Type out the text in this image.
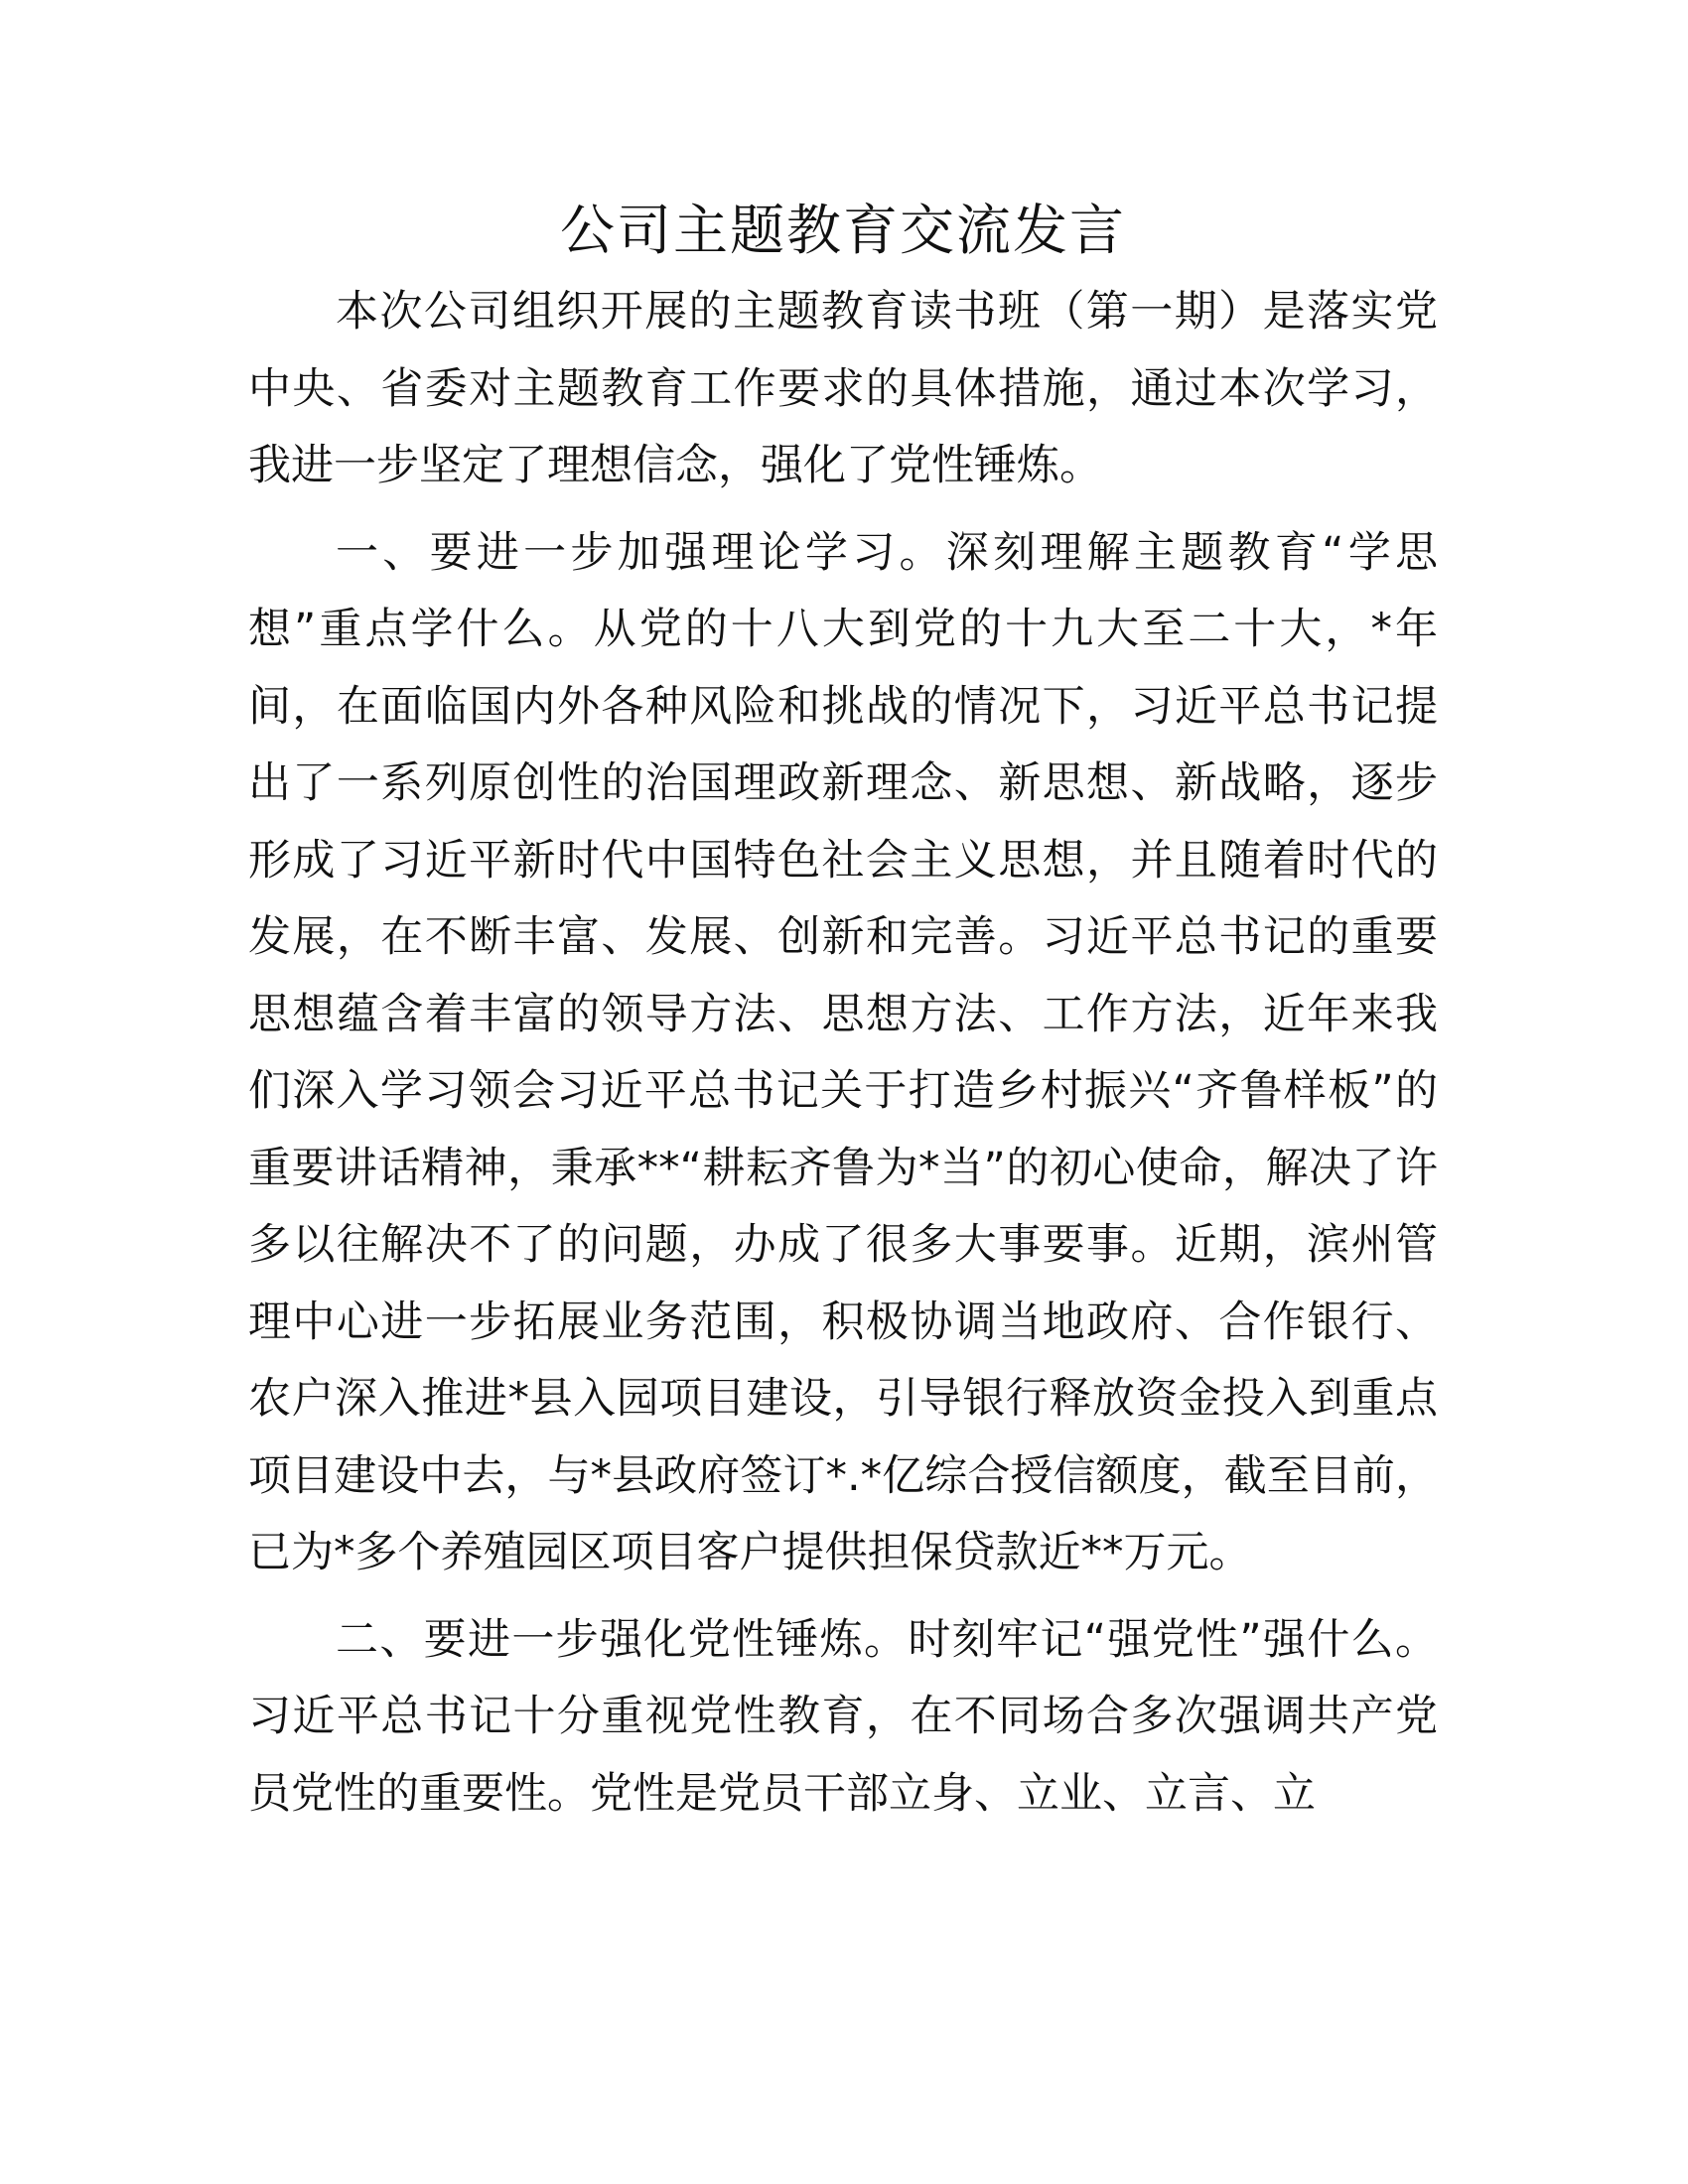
公司主题教育交流发言

本次公司组织开展的主题教育读书班（第一期）是落实党中央、省委对主题教育工作要求的具体措施，通过本次学习，我进一步坚定了理想信念，强化了党性锤炼。

一、要进一步加强理论学习。深刻理解主题教育“学思想”重点学什么。从党的十八大到党的十九大至二十大，*年间，在面临国内外各种风险和挑战的情况下，习近平总书记提出了一系列原创性的治国理政新理念、新思想、新战略，逐步形成了习近平新时代中国特色社会主义思想，并且随着时代的发展，在不断丰富、发展、创新和完善。习近平总书记的重要思想蕴含着丰富的领导方法、思想方法、工作方法，近年来我们深入学习领会习近平总书记关于打造乡村振兴“齐鲁样板”的重要讲话精神，秉承**“耕耘齐鲁为*当”的初心使命，解决了许多以往解决不了的问题，办成了很多大事要事。近期，滨州管理中心进一步拓展业务范围，积极协调当地政府、合作银行、农户深入推进*县入园项目建设，引导银行释放资金投入到重点项目建设中去，与*县政府签订*.*亿综合授信额度，截至目前，已为*多个养殖园区项目客户提供担保贷款近**万元。

二、要进一步强化党性锤炼。时刻牢记“强党性”强什么。习近平总书记十分重视党性教育，在不同场合多次强调共产党员党性的重要性。党性是党员干部立身、立业、立言、立
